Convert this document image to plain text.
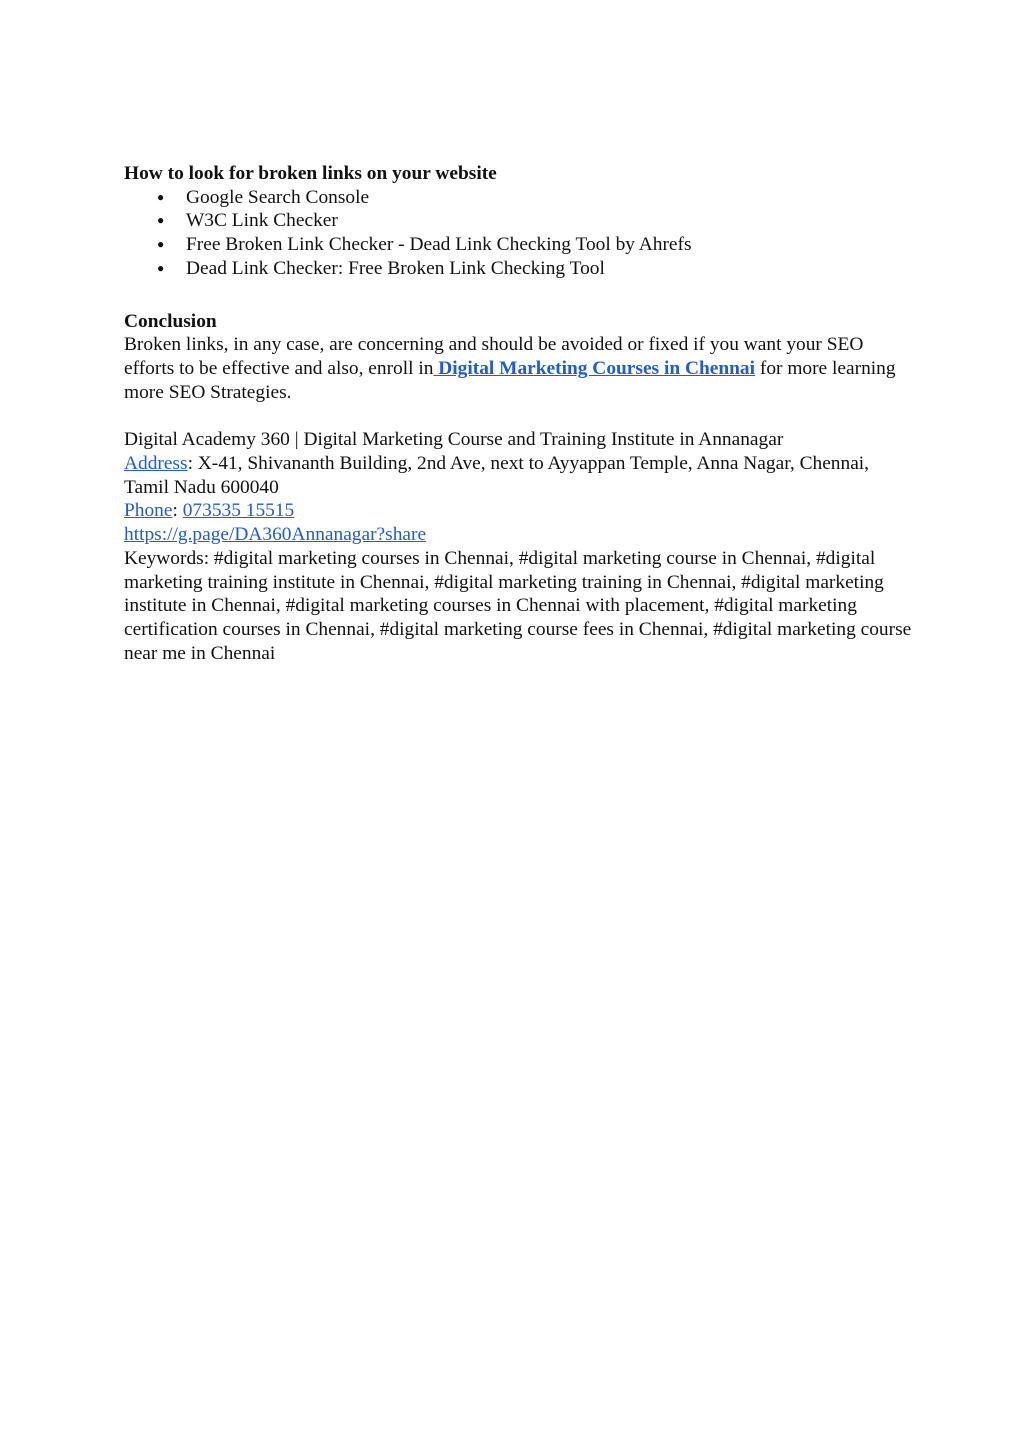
How to look for broken links on your website

● Google Search Console
● W3C Link Checker
● Free Broken Link Checker - Dead Link Checking Tool by Ahrefs
● Dead Link Checker: Free Broken Link Checking Tool

Conclusion

Broken links, in any case, are concerning and should be avoided or fixed if you want your SEO efforts to be effective and also, enroll in Digital Marketing Courses in Chennai for more learning more SEO Strategies.

Digital Academy 360 | Digital Marketing Course and Training Institute in Annanagar

Address: X-41, Shivananth Building, 2nd Ave, next to Ayyappan Temple, Anna Nagar, Chennai, Tamil Nadu 600040

Phone: 073535 15515

https://g.page/DA360Annanagar?share

Keywords: #digital marketing courses in Chennai, #digital marketing course in Chennai, #digital marketing training institute in Chennai, #digital marketing training in Chennai, #digital marketing institute in Chennai, #digital marketing courses in Chennai with placement, #digital marketing certification courses in Chennai, #digital marketing course fees in Chennai, #digital marketing course near me in Chennai
